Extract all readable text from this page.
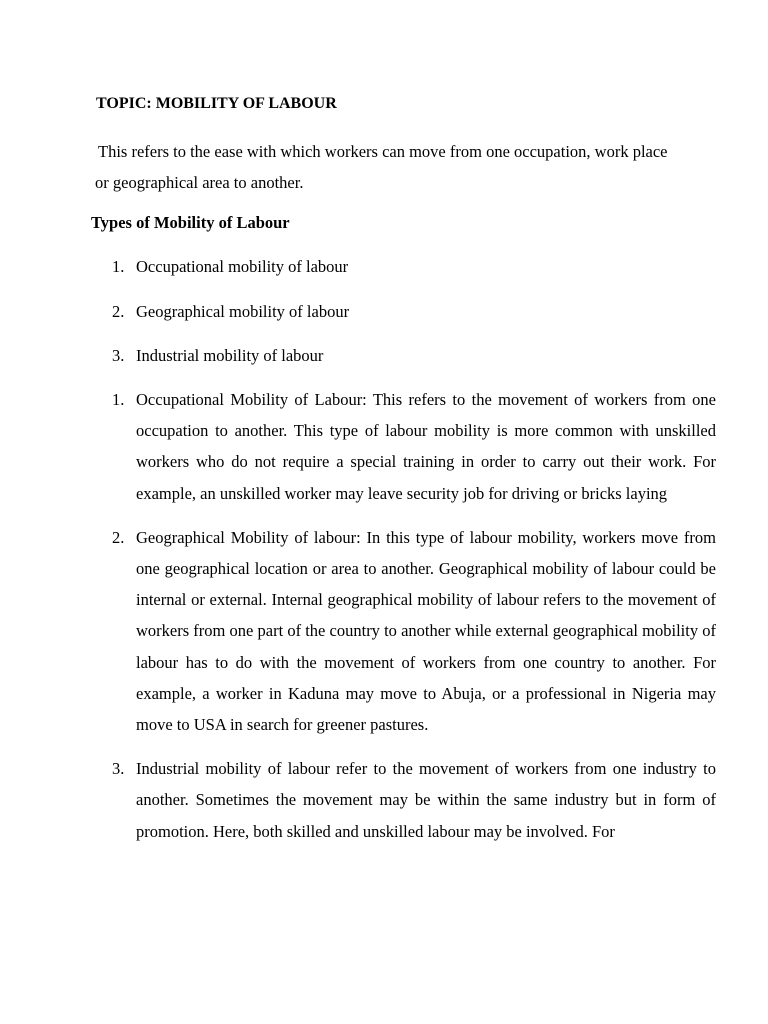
TOPIC: MOBILITY OF LABOUR

This refers to the ease with which workers can move from one occupation, work place
or geographical area to another.

Types of Mobility of Labour
1. Occupational mobility of labour
2. Geographical mobility of labour
3. Industrial mobility of labour
1. Occupational Mobility of Labour: This refers to the movement of workers from one occupation to another. This type of labour mobility is more common with unskilled workers who do not require a special training in order to carry out their work. For example, an unskilled worker may leave security job for driving or bricks laying
2. Geographical Mobility of labour: In this type of labour mobility, workers move from one geographical location or area to another. Geographical mobility of labour could be internal or external. Internal geographical mobility of labour refers to the movement of workers from one part of the country to another while external geographical mobility of labour has to do with the movement of workers from one country to another. For example, a worker in Kaduna may move to Abuja, or a professional in Nigeria may move to USA in search for greener pastures.
3. Industrial mobility of labour refer to the movement of workers from one industry to another. Sometimes the movement may be within the same industry but in form of promotion. Here, both skilled and unskilled labour may be involved. For
